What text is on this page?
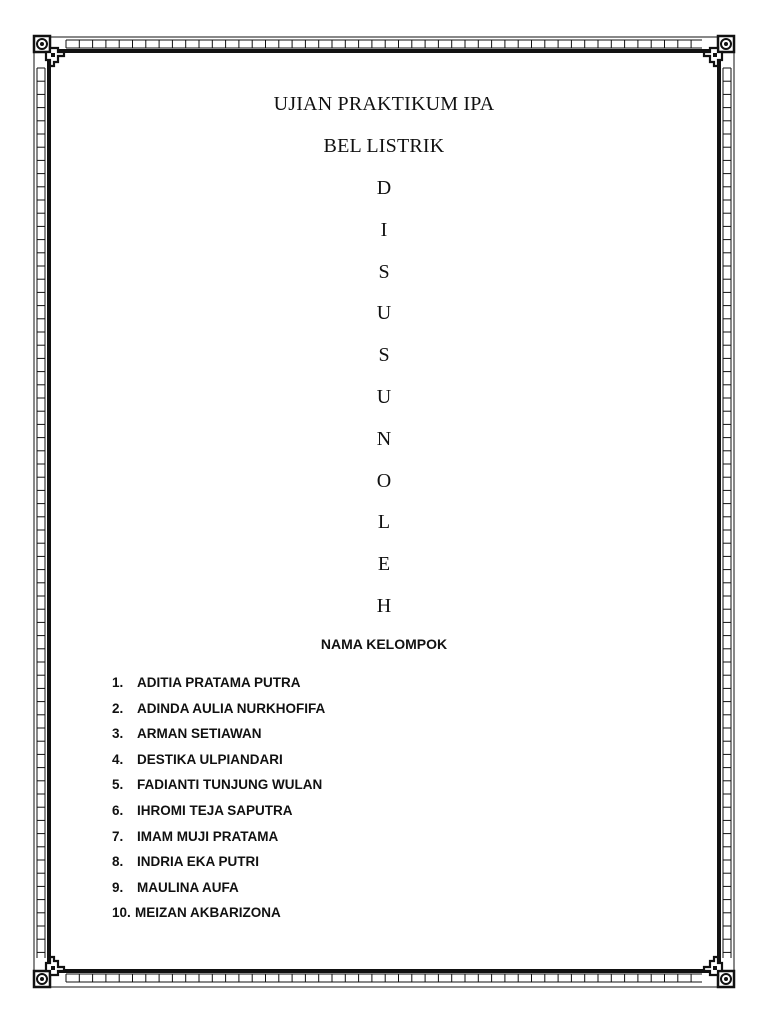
UJIAN PRAKTIKUM IPA
BEL LISTRIK
D
I
S
U
S
U
N
O
L
E
H
NAMA KELOMPOK
1. ADITIA PRATAMA PUTRA
2. ADINDA AULIA NURKHOFIFA
3. ARMAN SETIAWAN
4. DESTIKA ULPIANDARI
5. FADIANTI TUNJUNG WULAN
6. IHROMI TEJA SAPUTRA
7. IMAM MUJI PRATAMA
8. INDRIA EKA PUTRI
9. MAULINA AUFA
10. MEIZAN AKBARIZONA
